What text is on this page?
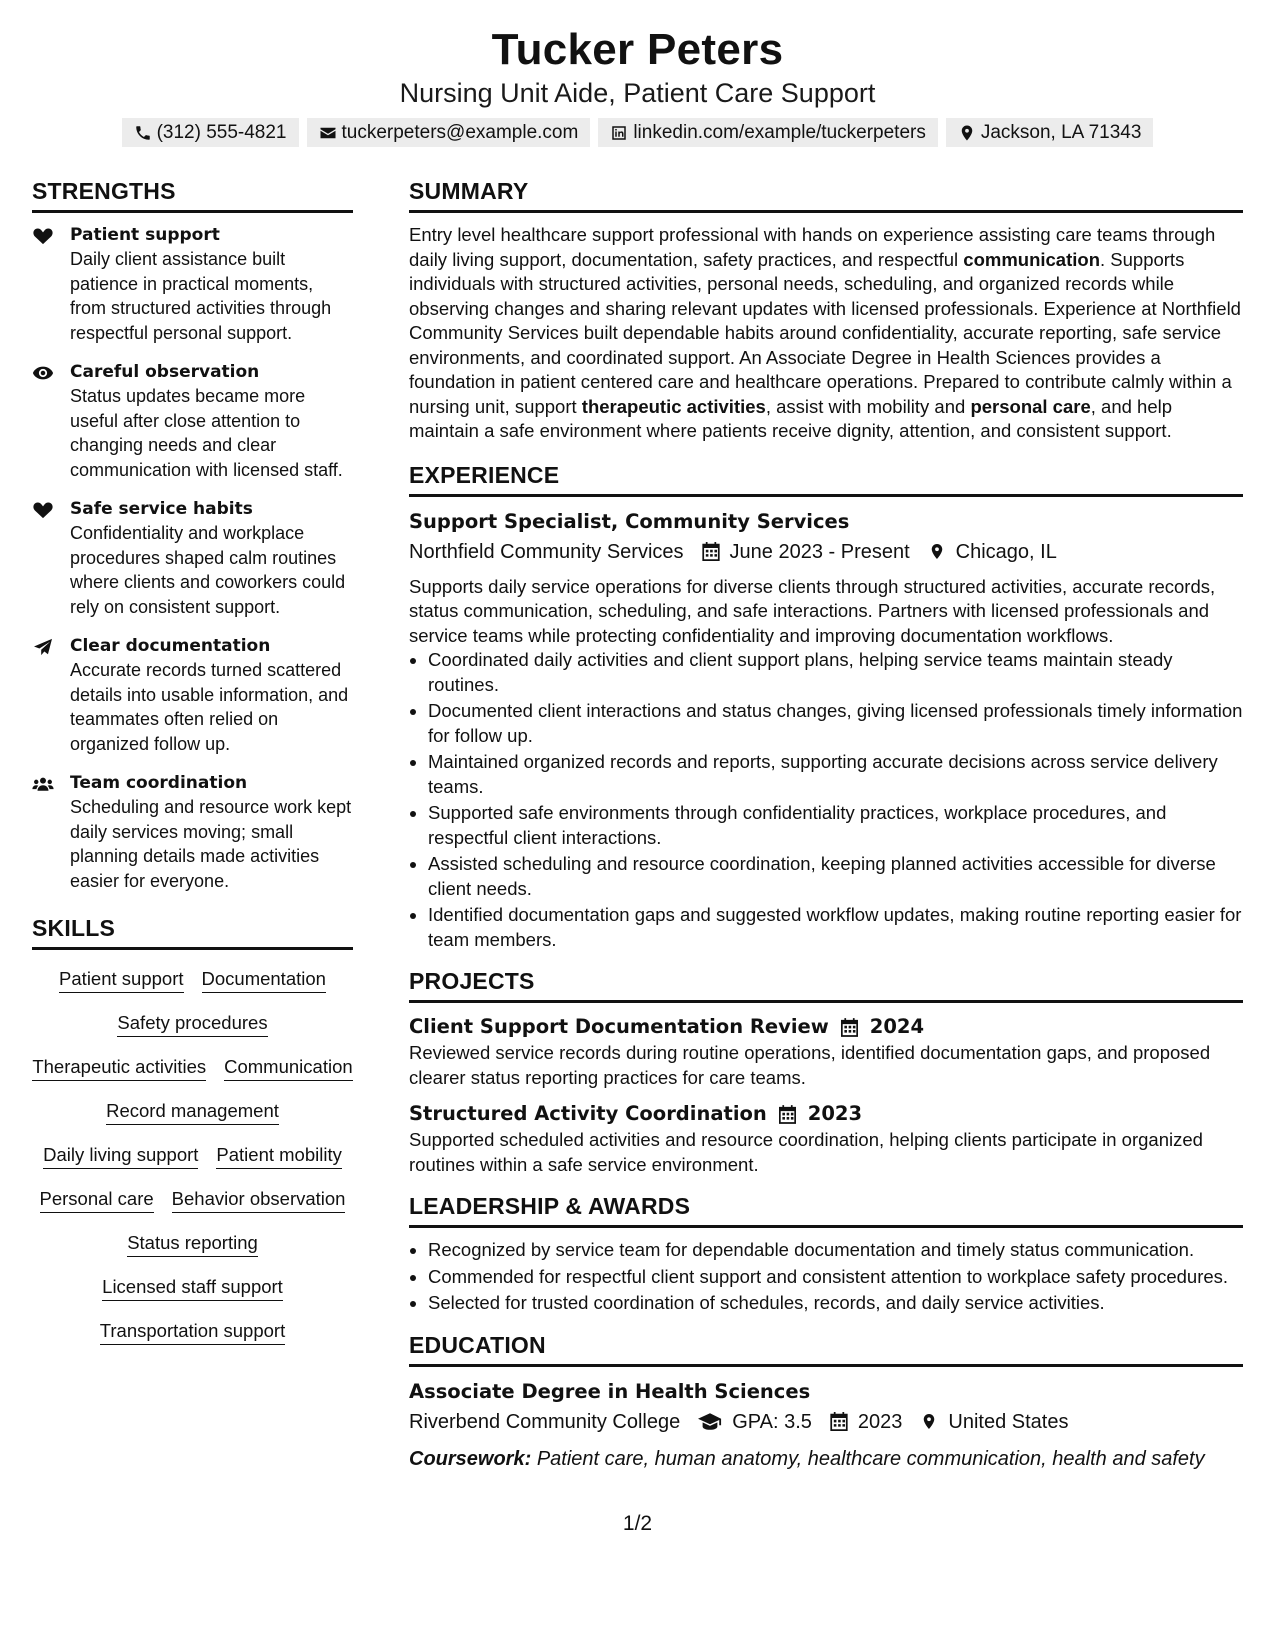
Tucker Peters
Nursing Unit Aide, Patient Care Support
(312) 555-4821	tuckerpeters@example.com	linkedin.com/example/tuckerpeters	Jackson, LA 71343
STRENGTHS
Patient support
Daily client assistance built patience in practical moments, from structured activities through respectful personal support.
Careful observation
Status updates became more useful after close attention to changing needs and clear communication with licensed staff.
Safe service habits
Confidentiality and workplace procedures shaped calm routines where clients and coworkers could rely on consistent support.
Clear documentation
Accurate records turned scattered details into usable information, and teammates often relied on organized follow up.
Team coordination
Scheduling and resource work kept daily services moving; small planning details made activities easier for everyone.
SKILLS
Patient support Documentation
Safety procedures
Therapeutic activities Communication
Record management
Daily living support Patient mobility
Personal care Behavior observation
Status reporting
Licensed staff support
Transportation support
SUMMARY
Entry level healthcare support professional with hands on experience assisting care teams through daily living support, documentation, safety practices, and respectful communication. Supports individuals with structured activities, personal needs, scheduling, and organized records while observing changes and sharing relevant updates with licensed professionals. Experience at Northfield Community Services built dependable habits around confidentiality, accurate reporting, safe service environments, and coordinated support. An Associate Degree in Health Sciences provides a foundation in patient centered care and healthcare operations. Prepared to contribute calmly within a nursing unit, support therapeutic activities, assist with mobility and personal care, and help maintain a safe environment where patients receive dignity, attention, and consistent support.
EXPERIENCE
Support Specialist, Community Services
Northfield Community Services June 2023 - Present Chicago, IL
Supports daily service operations for diverse clients through structured activities, accurate records, status communication, scheduling, and safe interactions. Partners with licensed professionals and service teams while protecting confidentiality and improving documentation workflows.
• Coordinated daily activities and client support plans, helping service teams maintain steady routines.
• Documented client interactions and status changes, giving licensed professionals timely information for follow up.
• Maintained organized records and reports, supporting accurate decisions across service delivery teams.
• Supported safe environments through confidentiality practices, workplace procedures, and respectful client interactions.
• Assisted scheduling and resource coordination, keeping planned activities accessible for diverse client needs.
• Identified documentation gaps and suggested workflow updates, making routine reporting easier for team members.
PROJECTS
Client Support Documentation Review 2024
Reviewed service records during routine operations, identified documentation gaps, and proposed clearer status reporting practices for care teams.
Structured Activity Coordination 2023
Supported scheduled activities and resource coordination, helping clients participate in organized routines within a safe service environment.
LEADERSHIP & AWARDS
• Recognized by service team for dependable documentation and timely status communication.
• Commended for respectful client support and consistent attention to workplace safety procedures.
• Selected for trusted coordination of schedules, records, and daily service activities.
EDUCATION
Associate Degree in Health Sciences
Riverbend Community College	GPA: 3.5 2023 United States
Coursework: Patient care, human anatomy, healthcare communication, health and safety
1/2
